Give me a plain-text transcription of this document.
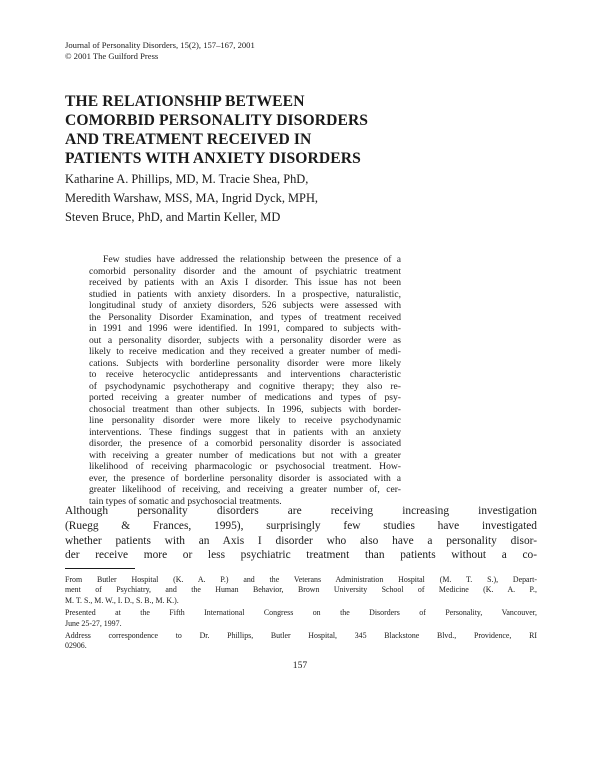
Journal of Personality Disorders, 15(2), 157–167, 2001
© 2001 The Guilford Press
THE RELATIONSHIP BETWEEN
COMORBID PERSONALITY DISORDERS
AND TREATMENT RECEIVED IN
PATIENTS WITH ANXIETY DISORDERS
Katharine A. Phillips, MD, M. Tracie Shea, PhD,
Meredith Warshaw, MSS, MA, Ingrid Dyck, MPH,
Steven Bruce, PhD, and Martin Keller, MD
Few studies have addressed the relationship between the presence of a
comorbid personality disorder and the amount of psychiatric treatment
received by patients with an Axis I disorder. This issue has not been
studied in patients with anxiety disorders. In a prospective, naturalistic,
longitudinal study of anxiety disorders, 526 subjects were assessed with
the Personality Disorder Examination, and types of treatment received
in 1991 and 1996 were identified. In 1991, compared to subjects with-
out a personality disorder, subjects with a personality disorder were as
likely to receive medication and they received a greater number of medi-
cations. Subjects with borderline personality disorder were more likely
to receive heterocyclic antidepressants and interventions characteristic
of psychodynamic psychotherapy and cognitive therapy; they also re-
ported receiving a greater number of medications and types of psy-
chosocial treatment than other subjects. In 1996, subjects with border-
line personality disorder were more likely to receive psychodynamic
interventions. These findings suggest that in patients with an anxiety
disorder, the presence of a comorbid personality disorder is associated
with receiving a greater number of medications but not with a greater
likelihood of receiving pharmacologic or psychosocial treatment. How-
ever, the presence of borderline personality disorder is associated with a
greater likelihood of receiving, and receiving a greater number of, cer-
tain types of somatic and psychosocial treatments.
Although personality disorders are receiving increasing investigation
(Ruegg & Frances, 1995), surprisingly few studies have investigated
whether patients with an Axis I disorder who also have a personality disor-
der receive more or less psychiatric treatment than patients without a co-
From Butler Hospital (K. A. P.) and the Veterans Administration Hospital (M. T. S.), Depart-
ment of Psychiatry, and the Human Behavior, Brown University School of Medicine (K. A. P.,
M. T. S., M. W., I. D., S. B., M. K.).
Presented at the Fifth International Congress on the Disorders of Personality, Vancouver,
June 25-27, 1997.
Address correspondence to Dr. Phillips, Butler Hospital, 345 Blackstone Blvd., Providence, RI
02906.
157
